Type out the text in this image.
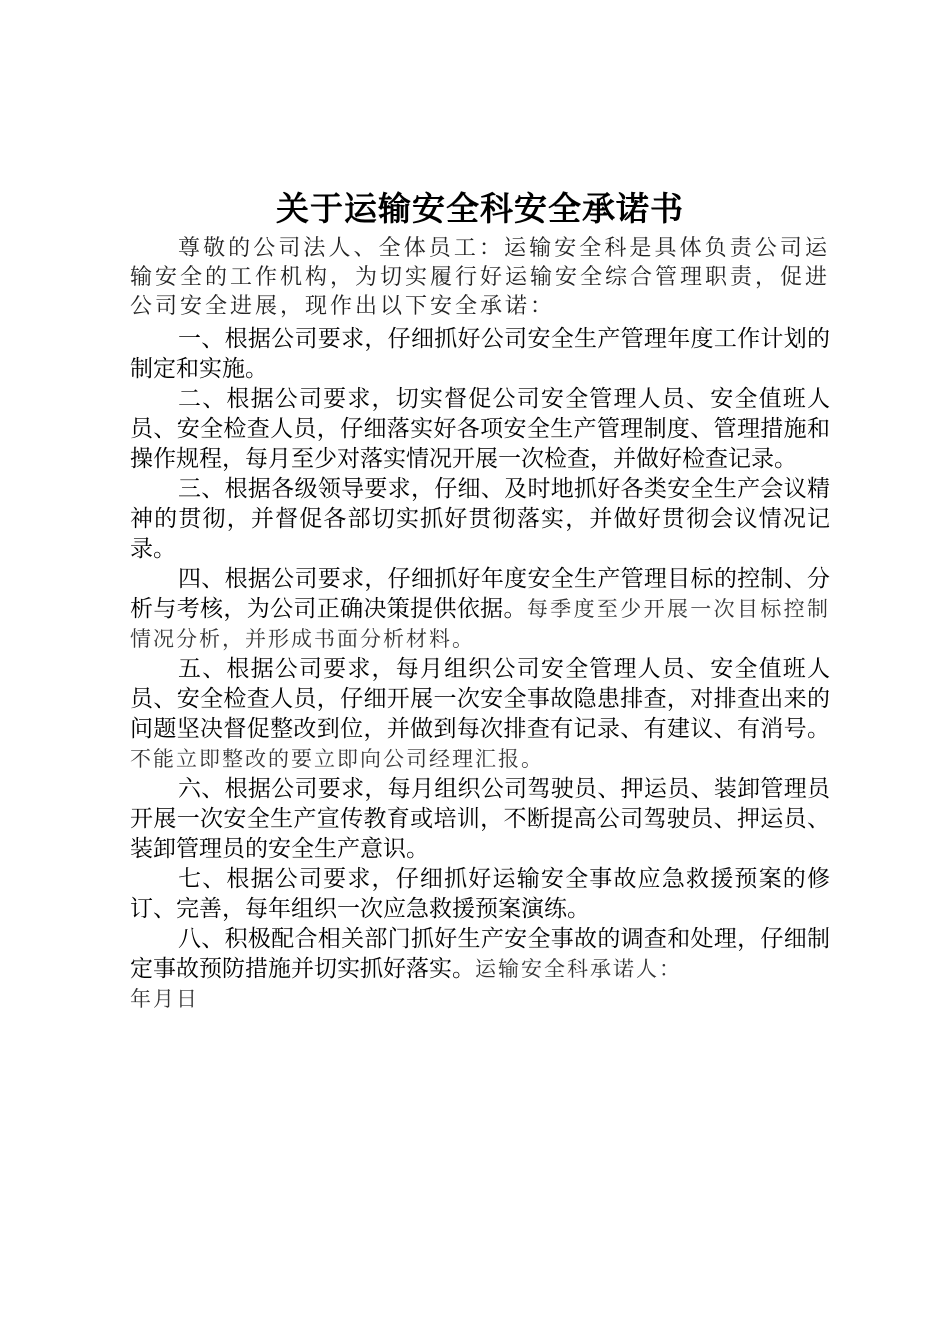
关于运输安全科安全承诺书

尊敬的公司法人、全体员工：运输安全科是具体负责公司运输安全的工作机构，为切实履行好运输安全综合管理职责，促进公司安全进展，现作出以下安全承诺：

一、根据公司要求，仔细抓好公司安全生产管理年度工作计划的制定和实施。

二、根据公司要求，切实督促公司安全管理人员、安全值班人员、安全检查人员，仔细落实好各项安全生产管理制度、管理措施和操作规程，每月至少对落实情况开展一次检查，并做好检查记录。

三、根据各级领导要求，仔细、及时地抓好各类安全生产会议精神的贯彻，并督促各部切实抓好贯彻落实，并做好贯彻会议情况记录。

四、根据公司要求，仔细抓好年度安全生产管理目标的控制、分析与考核，为公司正确决策提供依据。每季度至少开展一次目标控制情况分析，并形成书面分析材料。

五、根据公司要求，每月组织公司安全管理人员、安全值班人员、安全检查人员，仔细开展一次安全事故隐患排查，对排查出来的问题坚决督促整改到位，并做到每次排查有记录、有建议、有消号。不能立即整改的要立即向公司经理汇报。

六、根据公司要求，每月组织公司驾驶员、押运员、装卸管理员开展一次安全生产宣传教育或培训，不断提高公司驾驶员、押运员、装卸管理员的安全生产意识。

七、根据公司要求，仔细抓好运输安全事故应急救援预案的修订、完善，每年组织一次应急救援预案演练。

八、积极配合相关部门抓好生产安全事故的调查和处理，仔细制定事故预防措施并切实抓好落实。运输安全科承诺人：

年月日
